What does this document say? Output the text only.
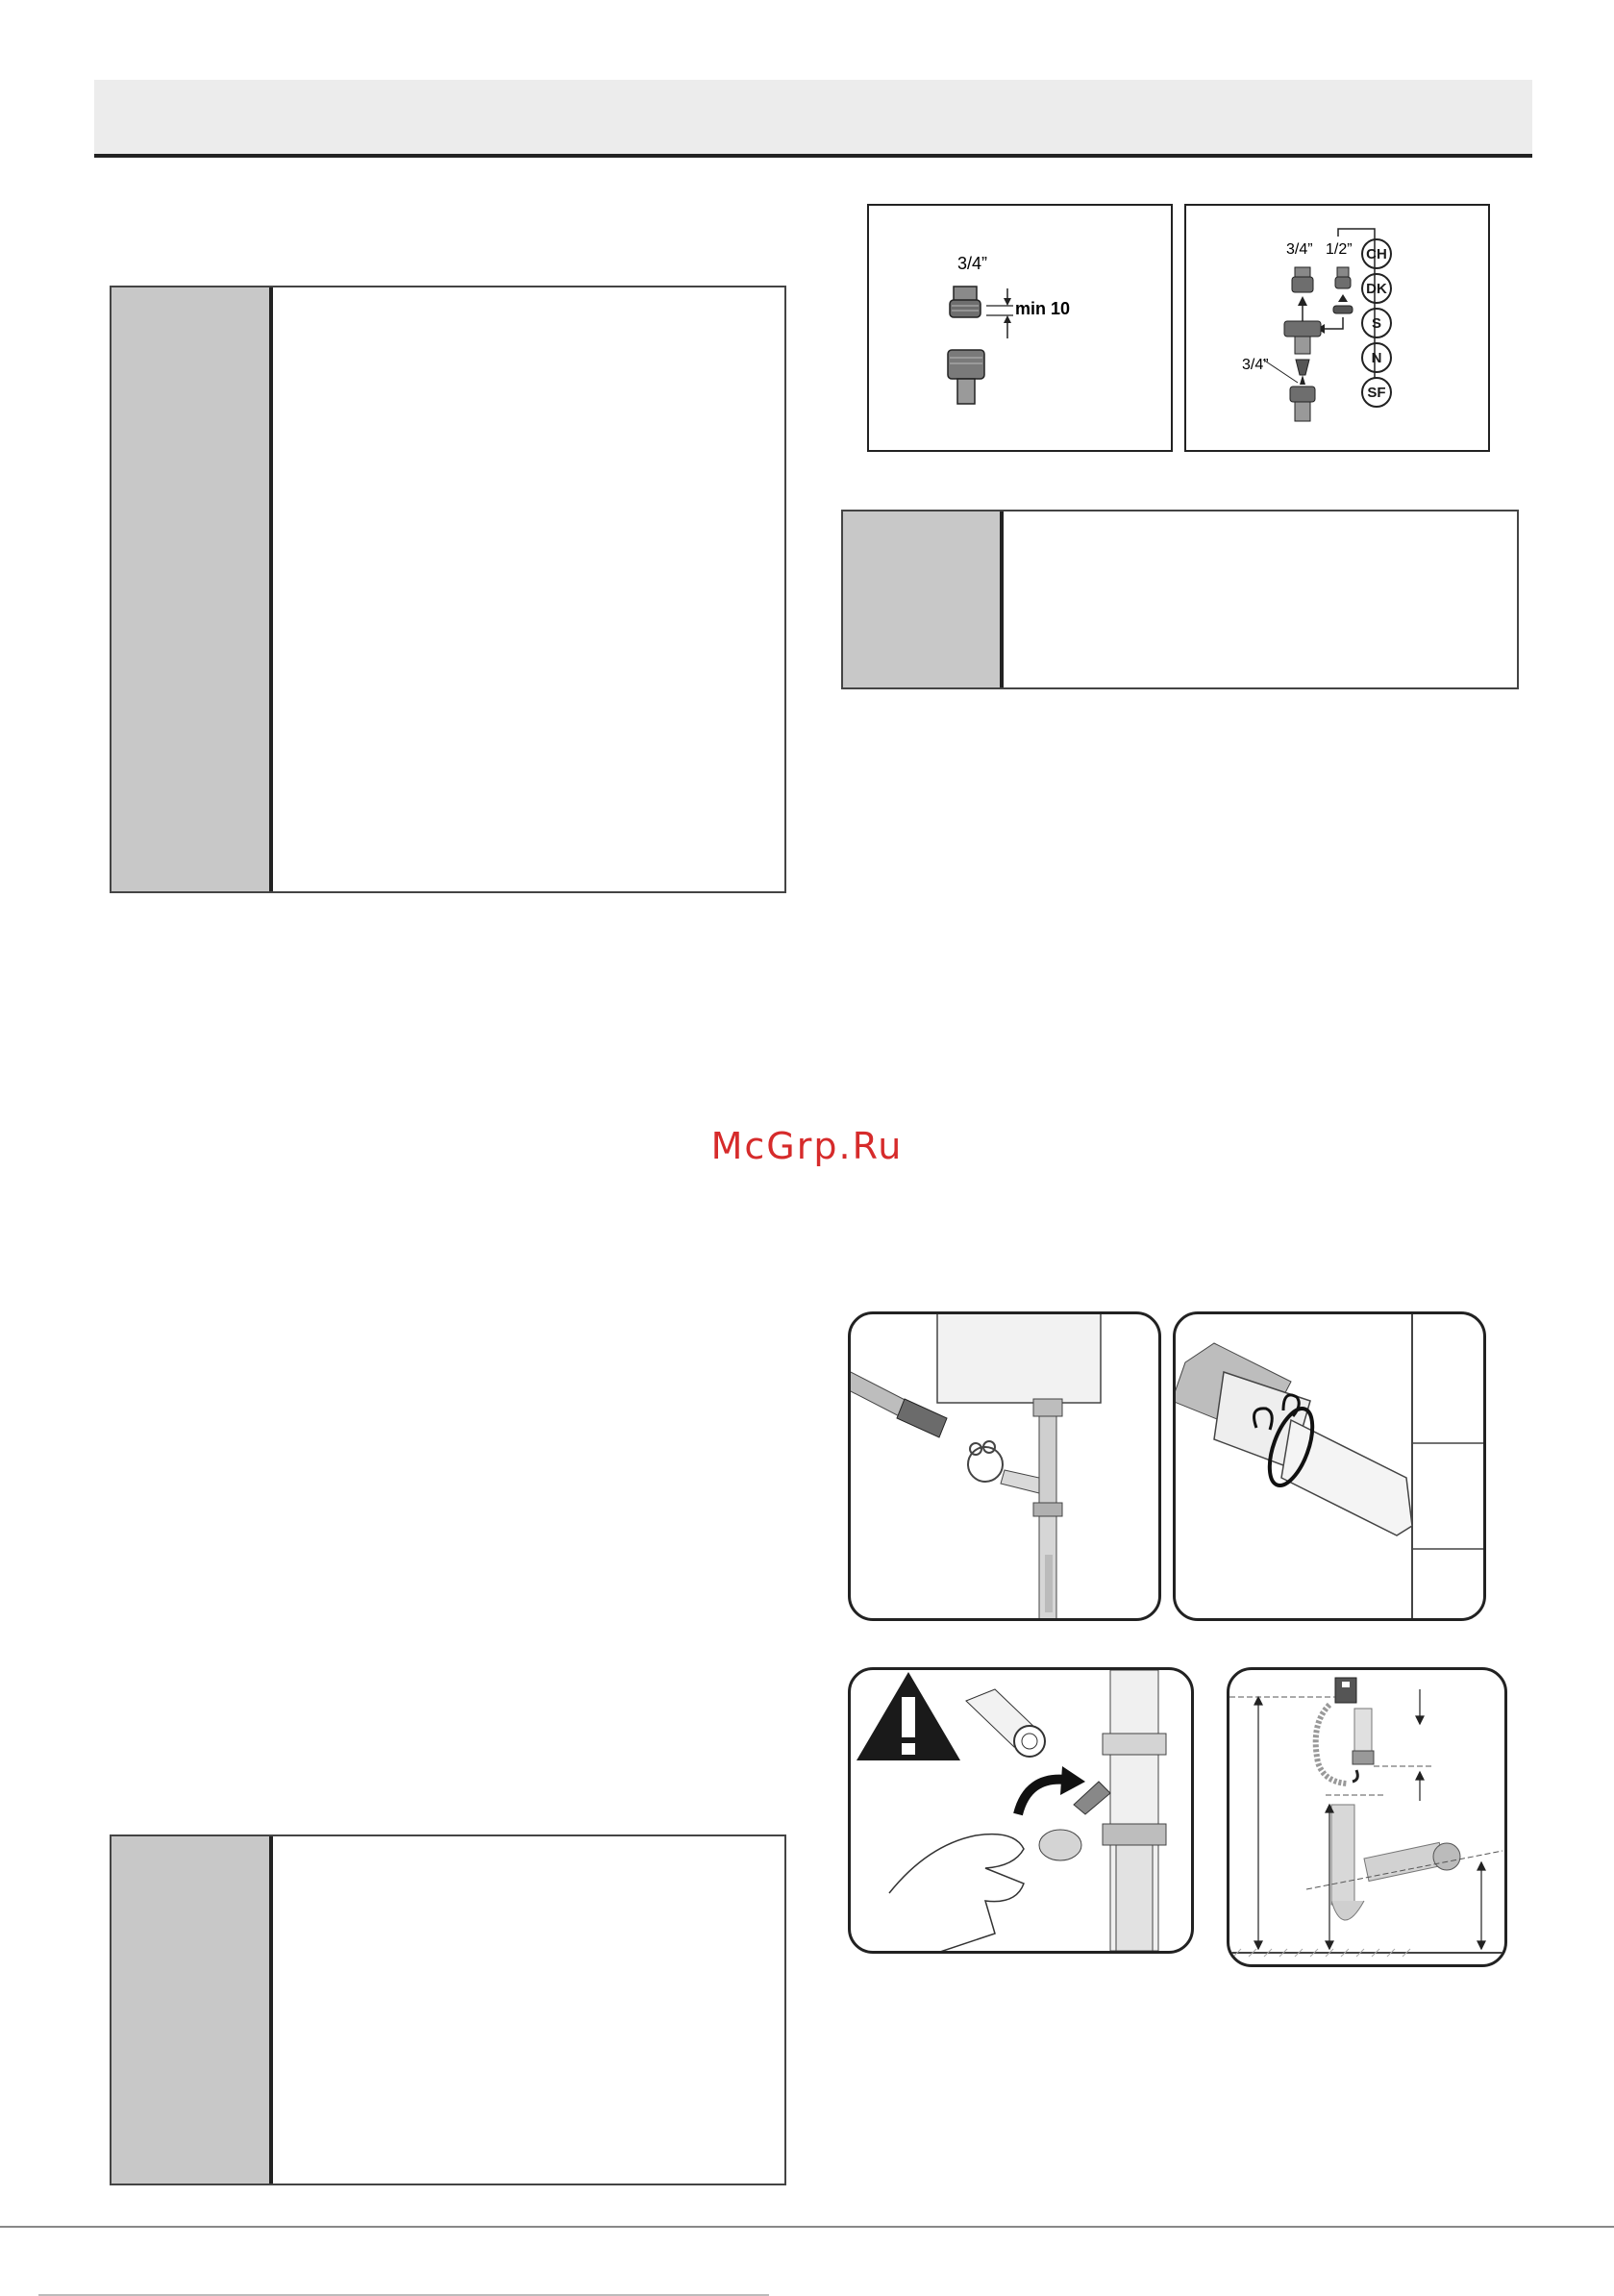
3/4”
min 10
3/4” 1/2”
3/4”
CH
DK
S
N
SF
McGrp.Ru
